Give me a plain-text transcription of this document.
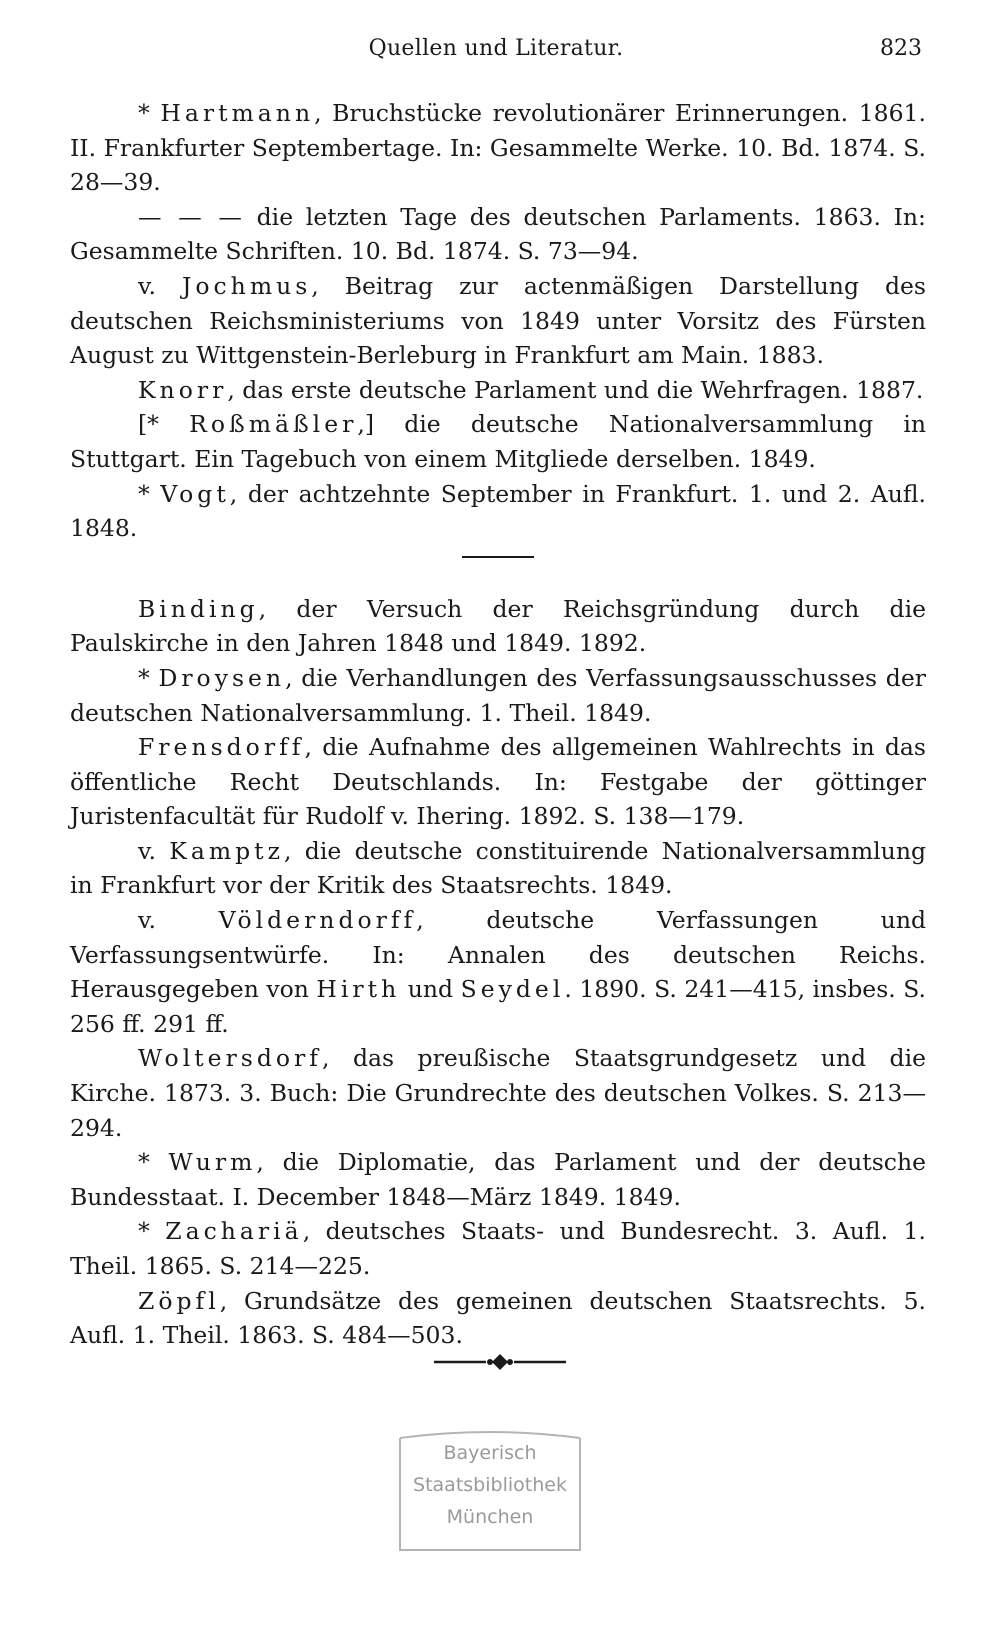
Quellen und Literatur.	823

* Hartmann, Bruchstücke revolutionärer Erinnerungen. 1861. II. Frankfurter Septembertage. In: Gesammelte Werke. 10. Bd. 1874. S. 28—39.

— — — die letzten Tage des deutschen Parlaments. 1863. In: Gesammelte Schriften. 10. Bd. 1874. S. 73—94.

v. Jochmus, Beitrag zur actenmäßigen Darstellung des deutschen Reichsministeriums von 1849 unter Vorsitz des Fürsten August zu Wittgenstein-Berleburg in Frankfurt am Main. 1883.

Knorr, das erste deutsche Parlament und die Wehrfragen. 1887.

[* Roßmäßler,] die deutsche Nationalversammlung in Stuttgart. Ein Tagebuch von einem Mitgliede derselben. 1849.

* Vogt, der achtzehnte September in Frankfurt. 1. und 2. Aufl. 1848.

Binding, der Versuch der Reichsgründung durch die Paulskirche in den Jahren 1848 und 1849. 1892.

* Droysen, die Verhandlungen des Verfassungsausschusses der deutschen Nationalversammlung. 1. Theil. 1849.

Frensdorff, die Aufnahme des allgemeinen Wahlrechts in das öffentliche Recht Deutschlands. In: Festgabe der göttinger Juristenfacultät für Rudolf v. Ihering. 1892. S. 138—179.

v. Kamptz, die deutsche constituirende Nationalversammlung in Frankfurt vor der Kritik des Staatsrechts. 1849.

v. Völderndorff, deutsche Verfassungen und Verfassungsentwürfe. In: Annalen des deutschen Reichs. Herausgegeben von Hirth und Seydel. 1890. S. 241—415, insbes. S. 256 ff. 291 ff.

Woltersdorf, das preußische Staatsgrundgesetz und die Kirche. 1873. 3. Buch: Die Grundrechte des deutschen Volkes. S. 213—294.

* Wurm, die Diplomatie, das Parlament und der deutsche Bundesstaat. I. December 1848—März 1849. 1849.

* Zachariä, deutsches Staats- und Bundesrecht. 3. Aufl. 1. Theil. 1865. S. 214—225.

Zöpfl, Grundsätze des gemeinen deutschen Staatsrechts. 5. Aufl. 1. Theil. 1863. S. 484—503.

Bayerisch
Staatsbibliothek
München
